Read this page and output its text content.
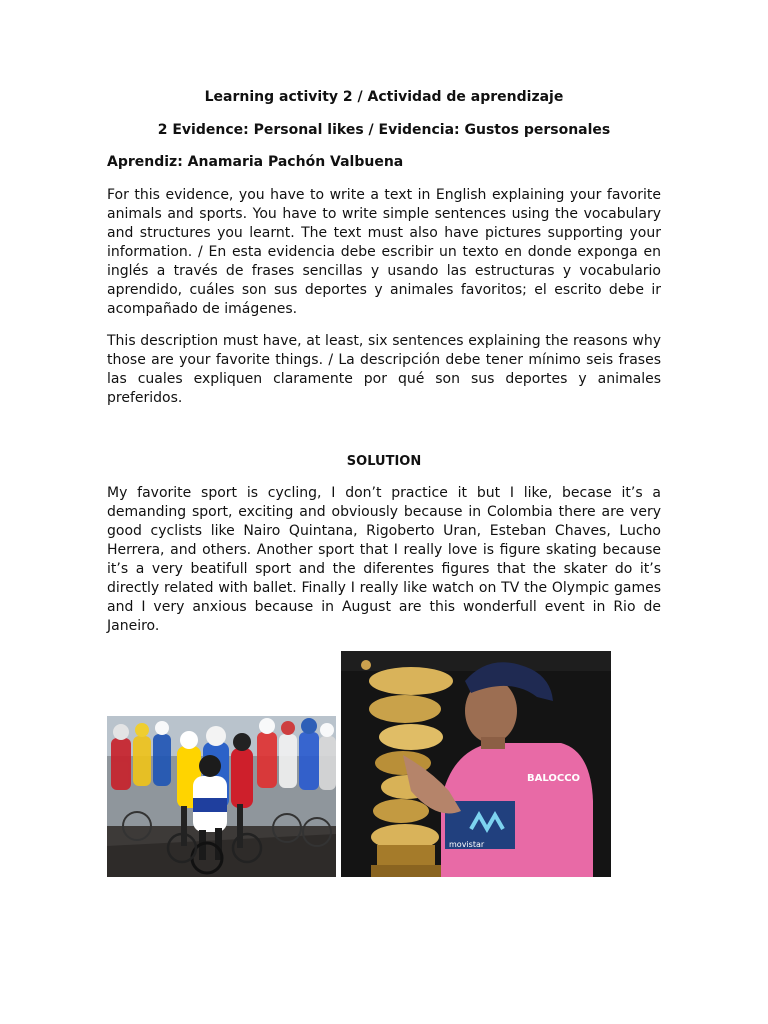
Learning activity 2 / Actividad de aprendizaje
2 Evidence: Personal likes / Evidencia: Gustos personales
Aprendiz: Anamaria Pachón Valbuena

For this evidence, you have to write a text in English explaining your favorite animals and sports. You have to write simple sentences using the vocabulary and structures you learnt. The text must also have pictures supporting your information. / En esta evidencia debe escribir un texto en donde exponga en inglés a través de frases sencillas y usando las estructuras y vocabulario aprendido, cuáles son sus deportes y animales favoritos; el escrito debe ir acompañado de imágenes.

This description must have, at least, six sentences explaining the reasons why those are your favorite things. / La descripción debe tener mínimo seis frases las cuales expliquen claramente por qué son sus deportes y animales preferidos.

SOLUTION

My favorite sport is cycling, I don’t practice it but I like, becase it’s a demanding sport, exciting and obviously because in Colombia there are very good cyclists like Nairo Quintana, Rigoberto Uran, Esteban Chaves, Lucho Herrera, and others. Another sport that I really love is figure skating because it’s a very beatifull sport and the diferentes figures that the skater do it’s directly related with ballet. Finally I really like watch on TV the Olympic games and I very anxious because in August are this wonderfull event in Rio de Janeiro.

BALOCCO
movistar
